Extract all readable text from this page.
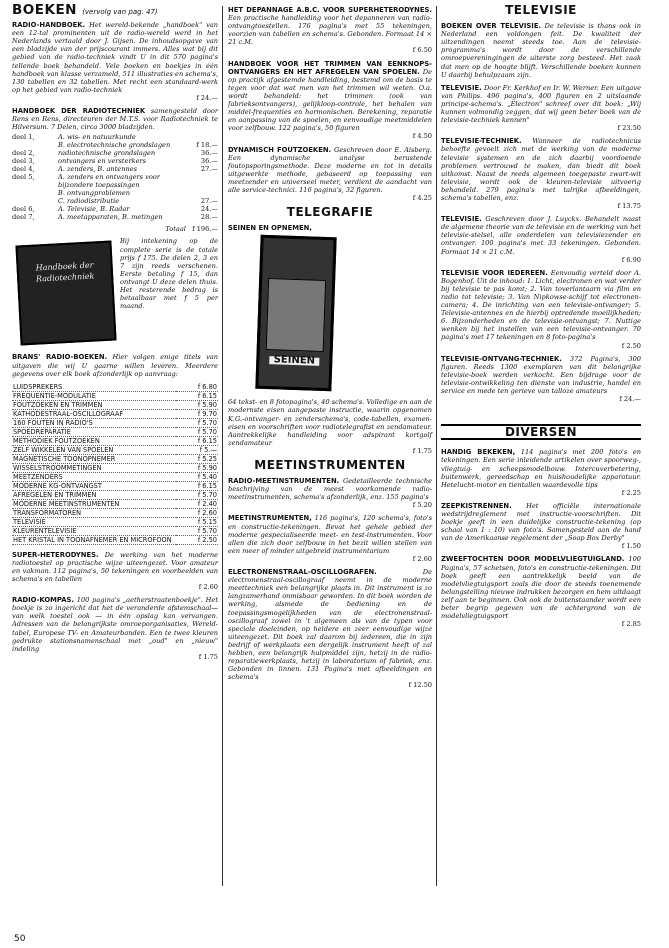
BOEKEN (vervolg van pag. 47)

RADIO-HANDBOEK. Het wereld-bekende „handboek" van een 12-tal prominenten uit de radio-wereld werd in het Nederlands vertaald door J. Gijsen. De inhoudsopgave van een bladzijde van der prijscourant immers. Alles wat bij dit gebied van de radio-techniek vindt U in dit 570 pagina's tellende boek behandeld. Vele boeken en boekjes in één handboek van klasse verzameld, 511 illustraties en schema's, 130 tabellen en 32 tabellen. Met recht een standaard-werk op het gebied van radio-techniek
f 24.—

HANDBOEK DER RADIOTECHNIEK samengesteld door Rens en Rens, directeuren der M.T.S. voor Radiotechniek te Hilversum. 7 Delen, circa 3000 bladzijden.

deel 1,	A. wis- en natuurkunde	
	B. electrotechnische grondslagen	f 18.—
deel 2,	radiotechnische grondslagen	36.—
deel 3,	ontvangers en versterkers	36.—
deel 4,	A. zenders, B. antennes	27.—
deel 5,	A. zenders en ontvangers voor bijzondere toepassingen	
	B. ontvangproblemen	
	C. radiodistributie	27.—
deel 6,	A. Televisie, B. Radar	24.—
deel 7,	A. meetapparaten, B. metingen	28.—
Totaal f 196.—
Handboek der Radiotechniek
Bij intekening op de complete serie is de totale prijs f 175. De delen 2, 3 en 7 zijn reeds verschenen. Eerste betaling f 15, dan ontvangt U deze delen thuis. Het resterende bedrag is betaalbaar met f 5 per maand.

BRANS' RADIO-BOEKEN. Hier volgen enige titels van uitgaven die wij U gaarne willen leveren. Meerdere gegevens over elk boek afzonderlijk op aanvraag:

LUIDSPREKERS	f 6.80
FREQUENTIE-MODULATIE	f 6.15
FOUTZOEKEN EN TRIMMEN	f 5.90
KATHODESTRAAL-OSCILLOGRAAF	f 9.70
160 FOUTEN IN RADIO'S	f 5.70
SPOEDREPARATIE	f 5.70
METHODIEK FOUTZOEKEN	f 6.15
ZELF WIKKELEN VAN SPOELEN	f 5.—
MAGNETISCHE TOONOPNEMER	f 5.25
WISSELSTROOMMETINGEN	f 5.90
MEETZENDERS	f 5.40
MODERNE KG-ONTVANGST	f 6.15
AFREGELEN EN TRIMMEN	f 5.70
MODERNE MEETINSTRUMENTEN	f 2.40
TRANSFORMATOREN	f 2.60
TELEVISIE	f 5.15
KLEURENTELEVISIE	f 5.70
HET KRISTAL IN TOONAFNEMER EN MICROFOON	f 2.50

SUPER-HETERODYNES. De werking van het moderne radiotoestel op practische wijze uiteengezet. Voor amateur en vakman. 112 pagina's, 50 tekeningen en voorbeelden van schema's en tabellen
f 2.60

RADIO-KOMPAS. 100 pagina's „aetherstraatenboekje". Het boekje is zo ingericht dat het de veranderde afstemschaal—van welk toestel ook — in één opslag kan vervangen. Adressen van de belangrijkste omroeporganisaties, Wereld-tabel, Europese TV- en Amateurbanden. Een te twee kleuren gedrukte stationsnamenschaal met „oud" en „nieuw" indeling
f 1.75

HET DEPANNAGE A.B.C. VOOR SUPERHETERODYNES. Een practische handleiding voor het depanneren van radio-ontvangtoestellen. 176 pagina's met 55 tekeningen, voorzien van tabellen en schema's. Gebonden. Formaat 14 × 21 c.M.
f 6.50

HANDBOEK VOOR HET TRIMMEN VAN EENKNOPS-ONTVANGERS EN HET AFREGELEN VAN SPOELEN. De op practijk afgestemde handleiding, bestemd om de basis te tegen voor dat wat men van het trimmen wil weten. O.a. wordt behandeld: het trimmen (ook van fabrieksontvangers), gelijkloop-controle, het behalen van middel-frequenties en harmonischen. Berekening, reparatie en aanpassing van de spoelen, en eenvoudige meetmiddelen voor zelfbouw. 122 pagina's, 50 figuren
f 4.50

DYNAMISCH FOUTZOEKEN. Geschreven door E. Aisberg. Een dynamische analyse berustende foutopsporingsmethode. Deze moderne en tot in details uitgewerkte methode, gebaseerd op toepassing van meetzender en universeel meter, verdient de aandacht van alle service-technici. 116 pagina's, 32 figuren.
f 4.25

TELEGRAFIE

SEINEN EN OPNEMEN,

SEINEN

64 tekst- en 8 fotopagina's, 40 schema's. Volledige en aan de modernste eisen aangepaste instructie, waarin opgenomen K.G.-ontvanger- en zenderschema's, code-tabellen, examen-eisen en voorschriften voor radiotelegrafist en zendamateur. Aantrekkelijke handleiding voor adspirant kortgolf zendamateur
f 1.75

MEETINSTRUMENTEN

RADIO-MEETINSTRUMENTEN. Gedetailleerde technische beschrijving van de meest voorkomende radio-meetinstrumenten, schema's afzonderlijk, enz. 155 pagina's
f 5.20

MEETINSTRUMENTEN, 116 pagina's, 120 schema's, foto's en constructie-tekeningen. Bevat het gehele gebied der moderne gespecialiseerde meet- en test-instrumenten. Voor allen die zich door zelfbouw in het bezit willen stellen van een meer of minder uitgebreid instrumentarium
f 2.60

ELECTRONENSTRAAL-OSCILLOGRAFEN.	De electronenstraal-oscillograaf neemt in de moderne meettechniek een belangrijke plaats in. Dit instrument is zo langzamerhand onmisbaar geworden. In dit boek worden de werking, alsmede de bediening en de toepassingsmogelijkheden van de electronenstraal-oscillograaf zowel in 't algemeen als van de typen voor speciale doeleinden, op heldere en zeer eenvoudige wijze uiteengezet. Dit boek zal daarom bij iedereen, die in zijn bedrijf of werkplaats een dergelijk instrument heeft of zal hebben, een belangrijk hulpmiddel zijn, hetzij in de radio-reparatiewerkplaats, hetzij in laboratorium of fabriek, enz. Gebonden in linnen. 131 Pagina's met afbeeldingen en schema's
f 12.50

TELEVISIE

BOEKEN OVER TELEVISIE. De televisie is thans ook in Nederland een voldongen feit. De kwaliteit der uitzendingen neemt steeds toe. Aan de televisie-programma's wordt door de verschillende omroepvereningingen de uiterste zorg besteed. Het zaak dat men op de hoogte blijft. Verschillende boeken kunnen U daarbij behulpzaam zijn.

TELEVISIE. Door Fr. Kerkhof en Ir. W. Werner. Een uitgave van Philips. 496 pagina's, 400 figuren en 2 uitslaande principe-schema's. „Electron" schreef over dit boek: „Wij kunnen volmondig zeggen, dat wij geen beter boek van de televisie-techniek kennen"
f 23.50

TELEVISIE-TECHNIEK. Wanneer de radiotechnicus behoefte gevoelt zich met de werking van de moderne televisie systemen en de zich daarbij voordoende problemen vertrouwd te maken, dan biedt dit boek uitkomst. Naast de reeds algemeen toegepaste zwart-wit televisie, wordt ook de kleuren-televisie uitvoerig behandeld. 279 pagina's met talrijke afbeeldingen, schema's tabellen, enz.
f 13.75

TELEVISIE. Geschreven door J. Luyckx. Behandelt naast de algemene theorie van de televisie en de werking van het televisie-stelsel, alle onderdelen van televisiezender en ontvanger. 100 pagina's met 33 tekeningen. Gebonden. Formaat 14 × 21 c.M.
f 6.90

TELEVISIE VOOR IEDEREEN. Eenvoudig verteld door A. Bogenhof. Uit de inhoud: 1. Licht, electronen en wat verder bij televisie te pas komt; 2. Van toverlantaarn via film en radio tot televisie; 3. Van Nipkowse-schijf tot electronen-camera; 4. De inrichting van een televisie-ontvanger; 5. Televisie-antennes en de hierbij optredende moeilijkheden; 6. Bijzonderheden en de televisie-ontvangst; 7. Nuttige wenken bij het instellen van een televisie-ontvanger. 70 pagina's met 17 tekeningen en 8 foto-pagina's
f 2.50

TELEVISIE-ONTVANG-TECHNIEK. 372 Pagina's, 300 figuren. Reeds 1300 exemplaren van dit belangrijke televisie-boek werden verkocht. Een bijdrage voor de televisie-ontwikkeling ten dienste van industrie, handel en service en mede ten gerieve van talloze amateurs
f 24.—

DIVERSEN

HANDIG BEKEKEN, 114 pagina's met 200 foto's en tekeningen. Een serie inleidende artikelen over spoorweg-, vliegtuig- en scheepsmodelbouw. Intercuverbetering, buitenwerk, gereedschap en huishoudelijke apparatuur. Hetelucht-motor en tientallen waardevolle tips
f 2.25

ZEEPKISTRENNEN. Het officiële internationale wedstrijdreglement met instructie-voorschriften. Dit boekje geeft in een duidelijke constructie-tekening (op schaal van 1 : 10) van foto's. Samengesteld aan de hand van de Amerikaanse regelement der „Soap Box Derby"
f 1.50

ZWEEFTOCHTEN DOOR MODELVLIEGTUIGLAND. 100 Pagina's, 57 schetsen, foto's en constructie-tekeningen. Dit boek geeft een aantrekkelijk beeld van de modelvliegtuigsport zoals die door de steeds toenemende belangstelling nieuwe indrukken bezorgen en hem uitdaagt zelf aan te beginnen. Ook ook de buitenstaander wordt een beter begrip gegeven van de achtergrond van de modelvliegtuigsport
f 2.85

50
